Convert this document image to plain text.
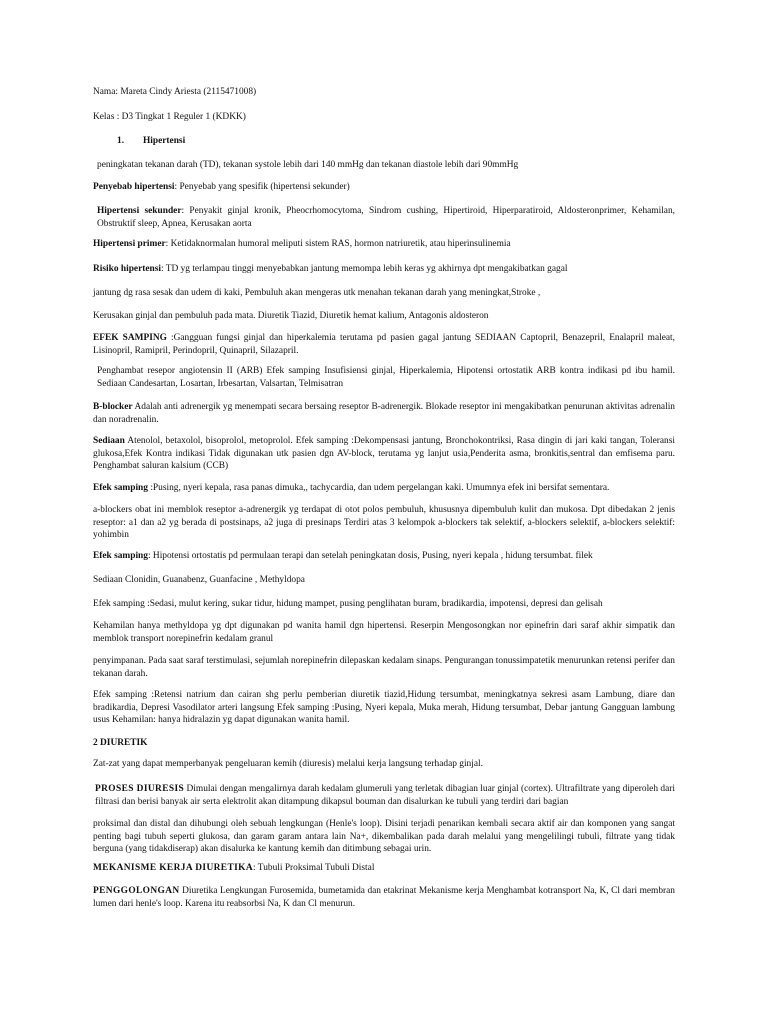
Nama: Mareta Cindy Ariesta (2115471008)

Kelas : D3 Tingkat 1 Reguler 1 (KDKK)

1. Hipertensi

peningkatan tekanan darah (TD), tekanan systole lebih dari 140 mmHg dan tekanan diastole lebih dari 90mmHg

Penyebab hipertensi: Penyebab yang spesifik (hipertensi sekunder)

Hipertensi sekunder: Penyakit ginjal kronik, Pheocrhomocytoma, Sindrom cushing, Hipertiroid, Hiperparatiroid, Aldosteronprimer, Kehamilan, Obstruktif sleep, Apnea, Kerusakan aorta

Hipertensi primer: Ketidaknormalan humoral meliputi sistem RAS, hormon natriuretik, atau hiperinsulinemia

Risiko hipertensi: TD yg terlampau tinggi menyebabkan jantung memompa lebih keras yg akhirnya dpt mengakibatkan gagal

jantung dg rasa sesak dan udem di kaki, Pembuluh akan mengeras utk menahan tekanan darah yang meningkat,Stroke ,

Kerusakan ginjal dan pembuluh pada mata. Diuretik Tiazid, Diuretik hemat kalium, Antagonis aldosteron

EFEK SAMPING :Gangguan fungsi ginjal dan hiperkalemia terutama pd pasien gagal jantung SEDIAAN Captopril, Benazepril, Enalapril maleat, Lisinopril, Ramipril, Perindopril, Quinapril, Silazapril.

Penghambat resepor angiotensin II (ARB) Efek samping Insufisiensi ginjal, Hiperkalemia, Hipotensi ortostatik ARB kontra indikasi pd ibu hamil. Sediaan Candesartan, Losartan, Irbesartan, Valsartan, Telmisatran

B-blocker Adalah anti adrenergik yg menempati secara bersaing reseptor B-adrenergik. Blokade reseptor ini mengakibatkan penurunan aktivitas adrenalin dan noradrenalin.

Sediaan Atenolol, betaxolol, bisoprolol, metoprolol. Efek samping :Dekompensasi jantung, Bronchokontriksi, Rasa dingin di jari kaki tangan, Toleransi glukosa,Efek Kontra indikasi Tidak digunakan utk pasien dgn AV-block, terutama yg lanjut usia,Penderita asma, bronkitis,sentral dan emfisema paru. Penghambat saluran kalsium (CCB)

Efek samping :Pusing, nyeri kepala, rasa panas dimuka,, tachycardia, dan udem pergelangan kaki. Umumnya efek ini bersifat sementara.

a-blockers obat ini memblok reseptor a-adrenergik yg terdapat di otot polos pembuluh, khususnya dipembuluh kulit dan mukosa. Dpt dibedakan 2 jenis reseptor: a1 dan a2 yg berada di postsinaps, a2 juga di presinaps Terdiri atas 3 kelompok a-blockers tak selektif, a-blockers selektif, a-blockers selektif: yohimbin

Efek samping: Hipotensi ortostatis pd permulaan terapi dan setelah peningkatan dosis, Pusing, nyeri kepala , hidung tersumbat. filek

Sediaan Clonidin, Guanabenz, Guanfacine , Methyldopa

Efek samping :Sedasi, mulut kering, sukar tidur, hidung mampet, pusing penglihatan buram, bradikardia, impotensi, depresi dan gelisah

Kehamilan hanya methyldopa yg dpt digunakan pd wanita hamil dgn hipertensi. Reserpin Mengosongkan nor epinefrin dari saraf akhir simpatik dan memblok transport norepinefrin kedalam granul

penyimpanan. Pada saat saraf terstimulasi, sejumlah norepinefrin dilepaskan kedalam sinaps. Pengurangan tonussimpatetik menurunkan retensi perifer dan tekanan darah.

Efek samping :Retensi natrium dan cairan shg perlu pemberian diuretik tiazid,Hidung tersumbat, meningkatnya sekresi asam Lambung, diare dan bradikardia, Depresi Vasodilator arteri langsung Efek samping :Pusing, Nyeri kepala, Muka merah, Hidung tersumbat, Debar jantung Gangguan lambung usus Kehamilan: hanya hidralazin yg dapat digunakan wanita hamil.

2 DIURETIK

Zat-zat yang dapat memperbanyak pengeluaran kemih (diuresis) melalui kerja langsung terhadap ginjal.

PROSES DIURESIS Dimulai dengan mengalirnya darah kedalam glumeruli yang terletak dibagian luar ginjal (cortex). Ultrafiltrate yang diperoleh dari filtrasi dan berisi banyak air serta elektrolit akan ditampung dikapsul bouman dan disalurkan ke tubuli yang terdiri dari bagian

proksimal dan distal dan dihubungi oleh sebuah lengkungan (Henle's loop). Disini terjadi penarikan kembali secara aktif air dan komponen yang sangat penting bagi tubuh seperti glukosa, dan garam garam antara lain Na+, dikembalikan pada darah melalui yang mengelilingi tubuli, filtrate yang tidak berguna (yang tidakdiserap) akan disalurka ke kantung kemih dan ditimbung sebagai urin.

MEKANISME KERJA DIURETIKA: Tubuli Proksimal Tubuli Distal

PENGGOLONGAN Diuretika Lengkungan Furosemida, bumetamida dan etakrinat Mekanisme kerja Menghambat kotransport Na, K, Cl dari membran lumen dari henle's loop. Karena itu reabsorbsi Na, K dan Cl menurun.
